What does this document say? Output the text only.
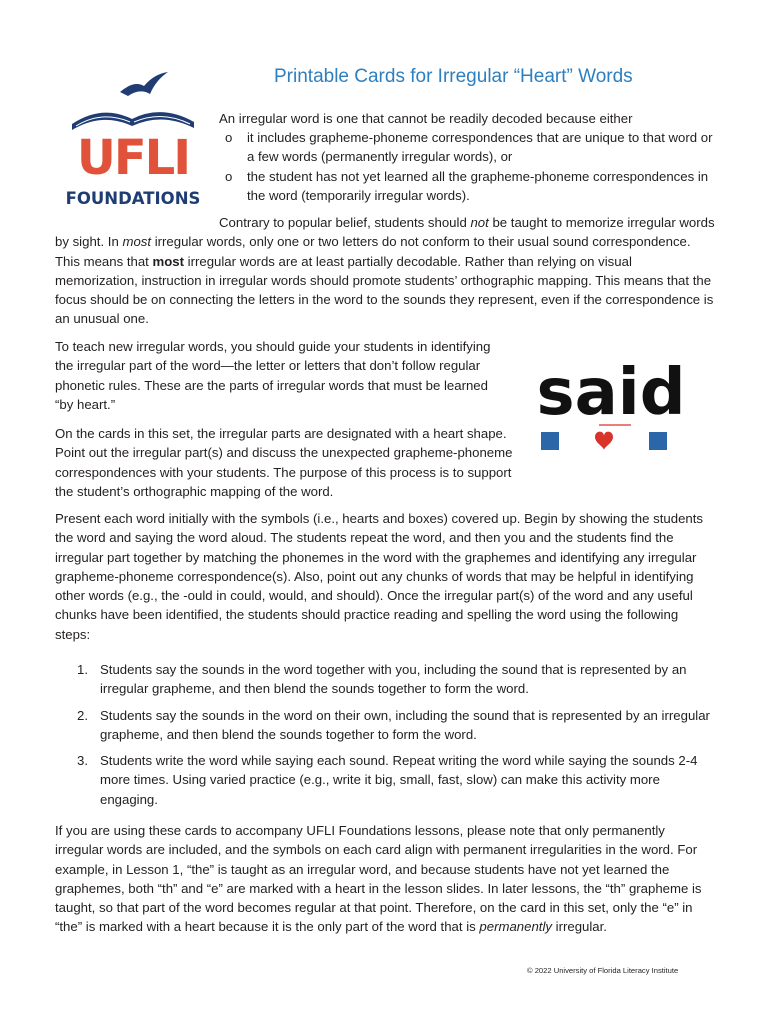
UFLI
FOUNDATIONS
Printable Cards for Irregular “Heart” Words

An irregular word is one that cannot be readily decoded because either

o it includes grapheme-phoneme correspondences that are unique to that word or a few words (permanently irregular words), or
o the student has not yet learned all the grapheme-phoneme correspondences in the word (temporarily irregular words).

Contrary to popular belief, students should not be taught to memorize irregular words by sight. In most irregular words, only one or two letters do not conform to their usual sound correspondence. This means that most irregular words are at least partially decodable. Rather than relying on visual memorization, instruction in irregular words should promote students’ orthographic mapping. This means that the focus should be on connecting the letters in the word to the sounds they represent, even if the correspondence is an unusual one.

To teach new irregular words, you should guide your students in identifying the irregular part of the word—the letter or letters that don’t follow regular phonetic rules. These are the parts of irregular words that must be learned “by heart.”

On the cards in this set, the irregular parts are designated with a heart shape. Point out the irregular part(s) and discuss the unexpected grapheme-phoneme correspondences with your students. The purpose of this process is to support the student’s orthographic mapping of the word.

said

Present each word initially with the symbols (i.e., hearts and boxes) covered up. Begin by showing the students the word and saying the word aloud. The students repeat the word, and then you and the students find the irregular part together by matching the phonemes in the word with the graphemes and identifying any irregular grapheme-phoneme correspondence(s). Also, point out any chunks of words that may be helpful in identifying other words (e.g., the -ould in could, would, and should). Once the irregular part(s) of the word and any useful chunks have been identified, the students should practice reading and spelling the word using the following steps:

1. Students say the sounds in the word together with you, including the sound that is represented by an irregular grapheme, and then blend the sounds together to form the word.
2. Students say the sounds in the word on their own, including the sound that is represented by an irregular grapheme, and then blend the sounds together to form the word.
3. Students write the word while saying each sound. Repeat writing the word while saying the sounds 2-4 more times. Using varied practice (e.g., write it big, small, fast, slow) can make this activity more engaging.

If you are using these cards to accompany UFLI Foundations lessons, please note that only permanently irregular words are included, and the symbols on each card align with permanent irregularities in the word. For example, in Lesson 1, “the” is taught as an irregular word, and because students have not yet learned the graphemes, both “th” and “e” are marked with a heart in the lesson slides. In later lessons, the “th” grapheme is taught, so that part of the word becomes regular at that point. Therefore, on the card in this set, only the “e” in “the” is marked with a heart because it is the only part of the word that is permanently irregular.

© 2022 University of Florida Literacy Institute
